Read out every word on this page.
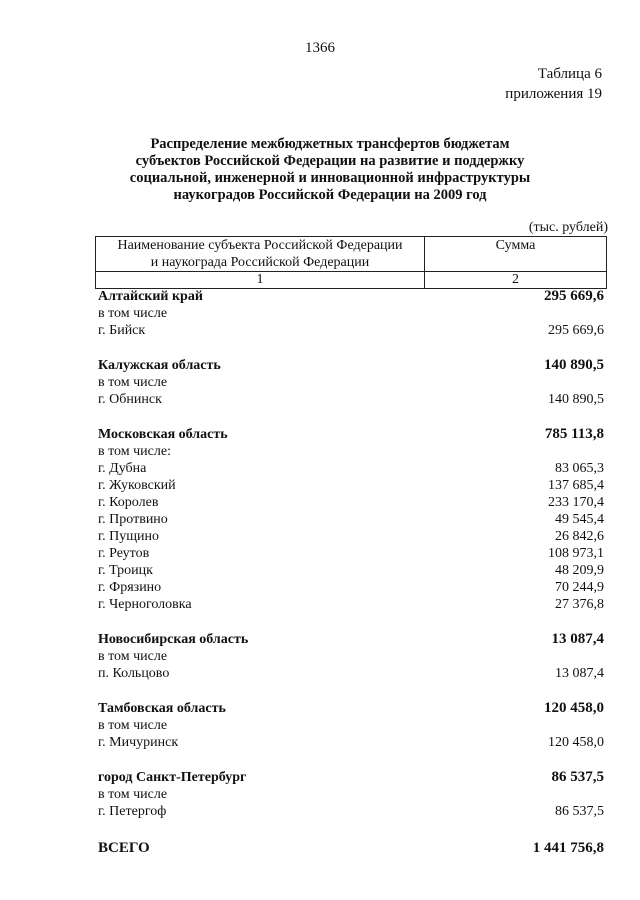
1366
Таблица 6
приложения 19
Распределение межбюджетных трансфертов бюджетам
субъектов Российской Федерации на развитие и поддержку
социальной, инженерной и инновационной инфраструктуры
наукоградов Российской Федерации на 2009 год
(тыс. рублей)
Наименование субъекта Российской Федерации
и наукограда Российской Федерации	Сумма
1	2
Алтайский край	295 669,6
в том числе
г. Бийск	295 669,6
Калужская область	140 890,5
в том числе
г. Обнинск	140 890,5
Московская область	785 113,8
в том числе:
г. Дубна	83 065,3
г. Жуковский	137 685,4
г. Королев	233 170,4
г. Протвино	49 545,4
г. Пущино	26 842,6
г. Реутов	108 973,1
г. Троицк	48 209,9
г. Фрязино	70 244,9
г. Черноголовка	27 376,8
Новосибирская область	13 087,4
в том числе
п. Кольцово	13 087,4
Тамбовская область	120 458,0
в том числе
г. Мичуринск	120 458,0
город Санкт-Петербург	86 537,5
в том числе
г. Петергоф	86 537,5
ВСЕГО	1 441 756,8
